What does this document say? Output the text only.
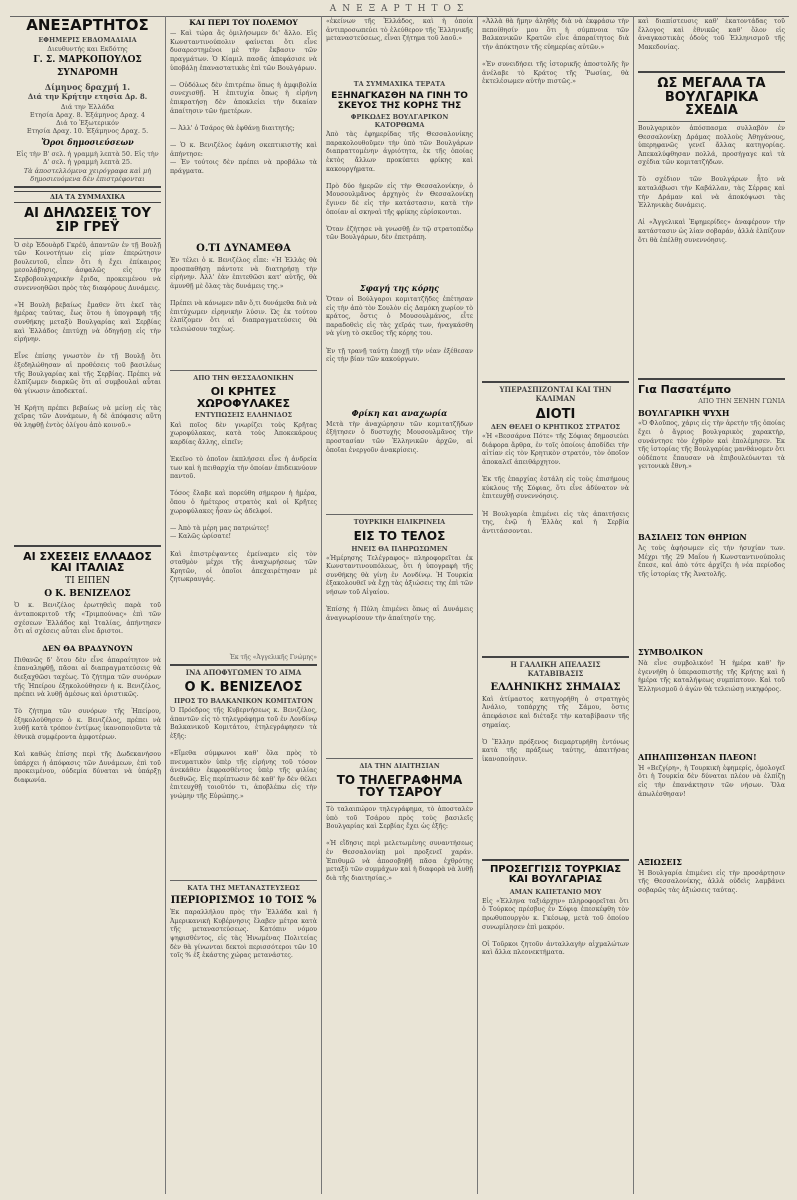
ΑΝΕΞΑΡΤΗΤΟΣ
ΑΝΕΞΑΡΤΗΤΟΣ
ΕΦΗΜΕΡΙΣ ΕΒΔΟΜΑΔΙΑΙΑ
Διευθυντής και Εκδότης
Γ. Σ. ΜΑΡΚΟΠΟΥΛΟΣ
ΣΥΝΔΡΟΜΗ
Δίμηνος δραχμή 1.
Διά την Κρήτην ετησία Δρ. 8.
Διά την Ἑλλάδα
Ετησία Δραχ. 8. Ἑξάμηνος Δραχ. 4
Διά το Ἐξωτερικόν
Ετησία Δραχ. 10. Ἑξάμηνος Δραχ. 5.
Ὅροι δημοσιεύσεων
Εἰς τὴν Β' σελ. ἡ γραμμὴ λεπτὰ 50. Εἰς τὴν Δ' σελ. ἡ γραμμὴ λεπτὰ 25.
Τὰ ἀποστελλόμενα χειρόγραφα καὶ μὴ δημοσιευόμενα δὲν ἐπιστρέφονται
ΔΙΑ ΤΑ ΣΥΜΜΑΧΙΚΑ
ΑΙ ΔΗΛΩΣΕΙΣ ΤΟΥ ΣΙΡ ΓΡΕΫ
Ὁ σὲρ Ἐδουὰρδ Γκρέϋ, ἀπαντῶν ἐν τῇ Βουλῇ τῶν Κοινοτήτων εἰς μίαν ἐπερώτησιν βουλευτοῦ, εἶπεν ὅτι ἡ ἔχει ἐπίκαιρος μεσολάβησις, ἀσφαλῶς εἰς τὴν Σερβοβουλγαρικὴν ἔριδα, προκειμένου νὰ συνεννοηθῶσι πρὸς τὰς διαφόρους Δυνάμεις.

«Ἡ Βουλὴ βεβαίως ἔμαθεν ὅτι ἐκεῖ τὰς ἡμέρας ταύτας, ἕως ὅτου ἡ ὑπογραφὴ τῆς συνθήκης μεταξὺ Βουλγαρίας καὶ Σερβίας καὶ Ἑλλάδος ἐπιτύχῃ νὰ ὁδηγήσῃ εἰς τὴν εἰρήνην.

Εἶνε ἐπίσης γνωστὸν ἐν τῇ Βουλῇ ὅτι ἐξεδηλώθησαν αἱ προθέσεις τοῦ βασιλέως τῆς Βουλγαρίας καὶ τῆς Σερβίας. Πρέπει νὰ ἐλπίζωμεν διαρκῶς ὅτι αἱ συμβουλαὶ αὗται θὰ γίνωσιν ἀποδεκταί.

Ἡ Κρήτη πρέπει βεβαίως νὰ μείνῃ εἰς τὰς χεῖρας τῶν Δυνάμεων, ἡ δὲ ἀπόφασις αὕτη θὰ ληφθῇ ἐντὸς ὀλίγου ἀπὸ κοινοῦ.»
ΑΙ ΣΧΕΣΕΙΣ ΕΛΛΑΔΟΣ ΚΑΙ ΙΤΑΛΙΑΣ
ΤΙ ΕΙΠΕΝ
Ο Κ. ΒΕΝΙΖΕΛΟΣ
Ὁ κ. Βενιζέλος ἐρωτηθεὶς παρὰ τοῦ ἀνταποκριτοῦ τῆς «Τριμπούνας» ἐπὶ τῶν σχέσεων Ἑλλάδος καὶ Ἰταλίας, ἀπήντησεν ὅτι αἱ σχέσεις αὗται εἶνε ἄριστοι.
ΔΕΝ ΘΑ ΒΡΑΔΥΝΟΥΝ
Πιθανῶς δ' ὅτου δὲν εἶνε ἀπαραίτητον νὰ ἐπαναληφθῇ, πᾶσαι αἱ διαπραγματεύσεις θὰ διεξαχθῶσι ταχέως. Τὸ ζήτημα τῶν συνόρων τῆς Ἠπείρου ἐξηκολούθησεν ἡ κ. Βενιζέλος, πρέπει νὰ λυθῇ ἀμέσως καὶ ὁριστικῶς.

Τὸ ζήτημα τῶν συνόρων τῆς Ἠπείρου, ἐξηκολούθησεν ὁ κ. Βενιζέλος, πρέπει νὰ λυθῇ κατὰ τρόπον ἐντίμως ἱκανοποιοῦντα τὰ ἐθνικὰ συμφέροντα ἀμφοτέρων.

Καὶ καθώς ἐπίσης περὶ τῆς Δωδεκανήσου ὑπάρχει ἡ ἀπόφασις τῶν Δυνάμεων, ἐπὶ τοῦ προκειμένου, οὐδεμία δύναται νὰ ὑπάρξῃ διαφωνία.
ΚΑΙ ΠΕΡΙ ΤΟΥ ΠΟΛΕΜΟΥ
— Καὶ τώρα ἂς ὁμιλήσωμεν δι' ἄλλο. Εἰς Κωνσταντινούπολιν φαίνεται ὅτι εἶνε δυσαρεστημένοι μὲ τὴν ἔκβασιν τῶν πραγμάτων. Ὁ Κίαμιλ πασᾶς ἀπεφάσισε νὰ ὑποβάλῃ ἐπαναστατικὰς ἐπὶ τῶν Βουλγάρων.

— Οὐδόλως δὲν ἐπιτρέπω ὅπως ἡ ἀμφιβολία συνεχισθῇ. Ἡ ἐπιτυχία ὅπως ἡ εἰρήνη ἐπικρατήσῃ δὲν ἀποκλείει τὴν δικαίαν ἀπαίτησιν τῶν ἡμετέρων.

— Ἀλλ' ὁ Τσάρος θὰ ἐφθάνῃ διαιτητὴς;

— Ὁ κ. Βενιζέλος ἐφάνη σκεπτικιστὴς καὶ ἀπήντησε:
— Ἐν τούτοις δὲν πρέπει νὰ προβάλω τὰ πράγματα.
Ο.ΤΙ ΔΥΝΑΜΕΘΑ
Ἐν τέλει ὁ κ. Βενιζέλος εἶπε: «Ἡ Ἑλλὰς θὰ προσπαθήσῃ πάντοτε νὰ διατηρήσῃ τὴν εἰρήνην. Ἀλλ' ἐὰν ἐπιτεθῶσι κατ' αὐτῆς, θὰ ἀμυνθῇ μὲ ὅλας τὰς δυνάμεις της.»

Πρέπει νὰ κάνωμεν πᾶν ὅ,τι δυνάμεθα διὰ νὰ ἐπιτύχωμεν εἰρηνικὴν λύσιν. Ὡς ἐκ τούτου ἐλπίζομεν ὅτι αἱ διαπραγματεύσεις θὰ τελειώσουν ταχέως.
ΑΠΟ ΤΗΝ ΘΕΣΣΑΛΟΝΙΚΗΝ
ΟΙ ΚΡΗΤΕΣ ΧΩΡΟΦΥΛΑΚΕΣ
ΕΝΤΥΠΩΣΕΙΣ ΕΛΛΗΝΙΔΟΣ
Καὶ ποῖος δὲν γνωρίζει τοὺς Κρῆτας χωροφύλακας, κατὰ τοὺς Ἀποκεκάρους καρδίας ἄλλης, εἰπεῖν;

Ἐκεῖνο τὸ ὁποῖον ἐκπλήσσει εἶνε ἡ ἀνδρεία των καὶ ἡ πειθαρχία τὴν ὁποίαν ἐπιδεικνύουν παντοῦ.

Τόσος ἔλαβε καὶ πορεύθη σήμερον ἡ ἡμέρα, ὅπου ὁ ἡμέτερος στρατὸς καὶ οἱ Κρῆτες χωροφύλακες ἦσαν ὡς ἀδελφοί.

— Ἀπὸ τὰ μέρη μας πατριώτες!
— Καλῶς ὡρίσατε!

Καὶ ἐπιστρέψαντες ἐμείναμεν εἰς τὸν σταθμὸν μέχρι τῆς ἀναχωρήσεως τῶν Κρητῶν, οἱ ὁποῖοι ἀπεχαιρέτησαν μὲ ζητωκραυγάς.
Ἐκ τῆς «Ἀγγελικῆς Γνώμης»
ΙΝΑ ΑΠΟΦΥΓΩΜΕΝ ΤΟ ΑΙΜΑ
Ο Κ. ΒΕΝΙΖΕΛΟΣ
ΠΡΟΣ ΤΟ ΒΑΛΚΑΝΙΚΟΝ ΚΟΜΙΤΑΤΟΝ
Ὁ Πρόεδρος τῆς Κυβερνήσεως κ. Βενιζέλος, ἀπαντῶν εἰς τὸ τηλεγράφημα τοῦ ἐν Λονδίνῳ Βαλκανικοῦ Κομιτάτου, ἐτηλεγράφησεν τὰ ἑξῆς:

«Εἴμεθα σύμφωνοι καθ' ὅλα πρὸς τὸ πνευματικὸν ὑπὲρ τῆς εἰρήνης τοῦ τόσον ἀνεκάθεν ἐκφρασθέντος ὑπὲρ τῆς φιλίας διεθνῶς. Εἰς περίπτωσιν δὲ καθ' ἣν δὲν θέλει ἐπιτευχθῇ τοιοῦτόν τι, ἀποβλέπω εἰς τὴν γνώμην τῆς Εὐρώπης.»
ΚΑΤΑ ΤΗΣ ΜΕΤΑΝΑΣΤΕΥΣΕΩΣ
ΠΕΡΙΟΡΙΣΜΟΣ 10 ΤΟΙΣ %
Ἐκ παραλλήλου πρὸς τὴν Ἑλλάδα καὶ ἡ Ἀμερικανικὴ Κυβέρνησις ἔλαβεν μέτρα κατὰ τῆς μεταναστεύσεως. Κατόπιν νόμου ψηφισθέντος, εἰς τὰς Ἡνωμένας Πολιτείας δὲν θὰ γίνωνται δεκτοὶ περισσότεροι τῶν 10 τοῖς % ἐξ ἑκάστης χώρας μετανάστες.
«ἐκείνων τῆς Ἑλλάδος, καὶ ἡ ὁποία ἀντιπροσωπεύει τὸ ἐλεύθερον τῆς Ἑλληνικῆς μεταναστεύσεως, εἶναι ζήτημα τοῦ λαοῦ.»
ΤΑ ΣΥΜΜΑΧΙΚΑ ΤΕΡΑΤΑ
ΕΞΗΝΑΓΚΑΣΘΗ ΝΑ ΓΙΝΗ ΤΟ ΣΚΕΥΟΣ ΤΗΣ ΚΟΡΗΣ ΤΗΣ
ΦΡΙΚΩΔΕΣ ΒΟΥΛΓΑΡΙΚΟΝ ΚΑΤΟΡΘΩΜΑ
Ἀπὸ τὰς ἐφημερίδας τῆς Θεσσαλονίκης παρακολουθοῦμεν τὴν ὑπὸ τῶν Βουλγάρων διαπραττομένην ἀγριότητα, ἐκ τῆς ὁποίας ἐκτὸς ἄλλων προκύπτει φρίκης καὶ κακουργήματα.

Πρὸ δύο ἡμερῶν εἰς τὴν Θεσσαλονίκην, ὁ Μουσουλμᾶνος ἀρχηγὸς ἐν Θεσσαλονίκῃ ἔγινεν δὲ εἰς τὴν κατάστασιν, κατὰ τὴν ὁποίαν αἱ σκηναὶ τῆς φρίκης εὑρίσκονται.

Ὅταν ἐζήτησε νὰ γνωσθῇ ἐν τῷ στρατοπέδῳ τῶν Βουλγάρων, δὲν ἐπετράπη.
Σφαγή της κόρης
Ὅταν οἱ Βούλγαροι κομιτατζῆδες ἐπέτησαν εἰς τὴν ἀπὸ τὸν Σουλὸν εἰς Δαμόκη χωρίον τὸ κράτος, ὅστις ὁ Μουσουλμάνος, εἶτε παραδοθεὶς εἰς τὰς χεῖράς των, ἠναγκάσθη νὰ γίνῃ τὸ σκεῦος τῆς κόρης του.

Ἐν τῇ τρανῇ ταύτῃ ἐποχῇ τὴν νέαν ἐξέθεσαν εἰς τὴν βίαν τῶν κακούργων.
Φρίκη και αναχωρία
Μετὰ τὴν ἀναχώρησιν τῶν κομιτατζῆδων ἐξήτησεν ὁ δυστυχὴς Μουσουλμᾶνος τὴν προστασίαν τῶν Ἑλληνικῶν ἀρχῶν, αἱ ὁποῖαι ἐνεργοῦν ἀνακρίσεις.
ΤΟΥΡΚΙΚΗ ΕΙΛΙΚΡΙΝΕΙΑ
ΕΙΣ ΤΟ ΤΕΛΟΣ
ΗΝΕΙΣ ΘΑ ΠΛΗΡΩΣΩΜΕΝ
«Ἡμέρησης Τελέγραφος» πληροφορεῖται ἐκ Κωνσταντινουπόλεως, ὅτι ἡ ὑπογραφὴ τῆς συνθήκης θὰ γίνῃ ἐν Λονδίνῳ. Ἡ Τουρκία ἐξακολουθεῖ νὰ ἔχῃ τὰς ἀξιώσεις της ἐπὶ τῶν νήσων τοῦ Αἰγαίου.

Ἐπίσης ἡ Πύλη ἐπιμένει ὅπως αἱ Δυνάμεις ἀναγνωρίσουν τὴν ἀπαίτησίν της.
ΔΙΑ ΤΗΝ ΔΙΑΙΤΗΣΙΑΝ
ΤΟ ΤΗΛΕΓΡΑΦΗΜΑ ΤΟΥ ΤΣΑΡΟΥ
Τὸ ταλαιπώρον τηλεγράφημα, τὸ ἀποσταλὲν ὑπὸ τοῦ Τσάρου πρὸς τοὺς βασιλεῖς Βουλγαρίας καὶ Σερβίας ἔχει ὡς ἑξῆς:

«Ἡ εἴδησις περὶ μελετωμένης συναντήσεως ἐν Θεσσαλονίκῃ μοὶ προξενεῖ χαράν. Ἐπιθυμῶ νὰ ἀποσοβηθῇ πᾶσα ἐχθρότης μεταξὺ τῶν συμμάχων καὶ ἡ διαφορὰ νὰ λυθῇ διὰ τῆς διαιτησίας.»
«Ἀλλὰ θὰ ἤμην ἀληθὴς διὰ νὰ ἐκφράσω τὴν πεποίθησίν μου ὅτι ἡ σύμπνοια τῶν Βαλκανικῶν Κρατῶν εἶνε ἀπαραίτητος διὰ τὴν ἀπόκτησιν τῆς εὐημερίας αὐτῶν.»

«Ἐν συνειδήσει τῆς ἱστορικῆς ἀποστολῆς ἣν ἀνέλαβε τὸ Κράτος τῆς Ῥωσίας, θὰ ἐκτελέσωμεν αὐτὴν πιστῶς.»
ΥΠΕΡΑΣΠΙΖΟΝΤΑΙ ΚΑΙ ΤΗΝ ΚΑΛΙΜΑΝ
ΔΙΟΤΙ
ΔΕΝ ΘΕΛΕΙ Ο ΚΡΗΤΙΚΟΣ ΣΤΡΑΤΟΣ
«Ἡ «Βεσσάρνα Πότε» τῆς Σόφιας δημοσιεύει διάφορα ἄρθρα, ἐν τοῖς ὁποίοις ἀποδίδει τὴν αἰτίαν εἰς τὸν Κρητικὸν στρατόν, τὸν ὁποῖον ἀποκαλεῖ ἀπειθάρχητον.

Ἐκ τῆς ἐπαρχίας ἐστάλη εἰς τοὺς ἐπισήμους κύκλους τῆς Σόφιας, ὅτι εἶνε ἀδύνατον νὰ ἐπιτευχθῇ συνεννόησις.

Ἡ Βουλγαρία ἐπιμένει εἰς τὰς ἀπαιτήσεις της, ἐνῷ ἡ Ἑλλὰς καὶ ἡ Σερβία ἀντιτάσσονται.
Η ΓΑΛΛΙΚΗ ΑΠΕΛΑΣΙΣ ΚΑΤΑΒΙΒΑΣΙΣ
ΕΛΛΗΝΙΚΗΣ ΣΗΜΑΙΑΣ
Καὶ ἀτίμαστος κατηγορήθη ὁ στρατηγὸς Ἀνάλιο, τοπάρχης τῆς Σάμου, ὅστις ἀπεφάσισε καὶ διέταξε τὴν καταβίβασιν τῆς σημαίας.

Ὁ Ἕλλην πρόξενος διεμαρτυρήθη ἐντόνως κατὰ τῆς πράξεως ταύτης, ἀπαιτήσας ἱκανοποίησιν.
ΠΡΟΣΕΓΓΙΣΙΣ ΤΟΥΡΚΙΑΣ ΚΑΙ ΒΟΥΛΓΑΡΙΑΣ
ΑΜΑΝ ΚΑΠΕΤΑΝΙΟ ΜΟΥ
Εἰς «Ἑλληνα ταξιάρχην» πληροφορεῖται ὅτι ὁ Τούρκος πρέσβυς ἐν Σόφιᾳ ἐπεσκέφθη τὸν πρωθυπουργὸν κ. Γκέσωφ, μετὰ τοῦ ὁποίου συνωμίλησεν ἐπὶ μακρόν.

Οἱ Τοῦρκοι ζητοῦν ἀνταλλαγὴν αἰχμαλώτων καὶ ἄλλα πλεονεκτήματα.
καὶ διαπίστευσις καθ' ἑκατοντάδας τοῦ ἔλλογος καὶ ἐθνικῶς καθ' ὅλον εἰς ἀναγκαστικὰς ὁδοὺς τοῦ Ἑλληνισμοῦ τῆς Μακεδονίας.
ΩΣ ΜΕΓΑΛΑ ΤΑ ΒΟΥΛΓΑΡΙΚΑ ΣΧΕΔΙΑ
Βουλγαρικὸν ἀπόσπασμα συλλαβὸν ἐν Θεσσαλονίκῃ Δράμας πολλοὺς Ἀθηγάνους, ὑπερηφανῶς γενεῖ ἄλλας κατηγορίας. Ἀπεκαλύφθησαν πολλά, προσήγαγε καὶ τὰ σχέδια τῶν κομιτατζήδων.

Τὸ σχέδιον τῶν Βουλγάρων ἦτο νὰ καταλάβωσι τὴν Καβάλλαν, τὰς Σέρρας καὶ τὴν Δράμαν καὶ νὰ ἀποκόψωσι τὰς Ἑλληνικὰς δυνάμεις.

Αἱ «Ἀγγελικαὶ Ἐφημερίδες» ἀναφέρουν τὴν κατάστασιν ὡς λίαν σοβαράν, ἀλλὰ ἐλπίζουν ὅτι θὰ ἐπέλθῃ συνεννόησις.
Για Πασατέμπο
ΑΠΟ ΤΗΝ ΞΕΝΗΝ ΓΩΝΙΑ
ΒΟΥΛΓΑΡΙΚΗ ΨΥΧΗ
«Ὁ Φλοῦπος, χάρις εἰς τὴν ἀρετὴν τῆς ὁποίας ἔχει ὁ ἄγριος βουλγαρικὸς χαρακτὴρ, συνάντησε τὸν ἐχθρὸν καὶ ἐπολέμησεν. Ἐκ τῆς ἱστορίας τῆς Βουλγαρίας μανθάνομεν ὅτι οὐδέποτε ἔπαυσαν νὰ ἐπιβουλεύωνται τὰ γειτονικὰ ἔθνη.»
ΒΑΣΙΛΕΙΣ ΤΩΝ ΘΗΡΙΩΝ
Ἀς τοὺς ἀφήσωμεν εἰς τὴν ἡσυχίαν των. Μέχρι τῆς 29 Μαΐου ἡ Κωνσταντινούπολις ἔπεσε, καὶ ἀπὸ τότε ἀρχίζει ἡ νέα περίοδος τῆς ἱστορίας τῆς Ἀνατολῆς.
ΣΥΜΒΟΛΙΚΟΝ
Νὰ εἶνε συμβολικόν! Ἡ ἡμέρα καθ' ἣν ἐγεννήθη ὁ ὑπερασπιστὴς τῆς Κρήτης καὶ ἡ ἡμέρα τῆς καταλήψεως συμπίπτουν. Καὶ τοῦ Ἑλληνισμοῦ ὁ ἀγὼν θὰ τελειώσῃ νικηφόρος.
ΑΠΗΛΠΙΣΘΗΣΑΝ ΠΛΕΟΝ!
Ἡ «Βεζγίρη», ἡ Τουρκικὴ ἐφημερίς, ὁμολογεῖ ὅτι ἡ Τουρκία δὲν δύναται πλέον νὰ ἐλπίζῃ εἰς τὴν ἐπανάκτησιν τῶν νήσων. Ὅλα ἀπωλέσθησαν!
ΑΞΙΩΣΕΙΣ
Ἡ Βουλγαρία ἐπιμένει εἰς τὴν προσάρτησιν τῆς Θεσσαλονίκης, ἀλλὰ οὐδεὶς λαμβάνει σοβαρῶς τὰς ἀξιώσεις ταύτας.
